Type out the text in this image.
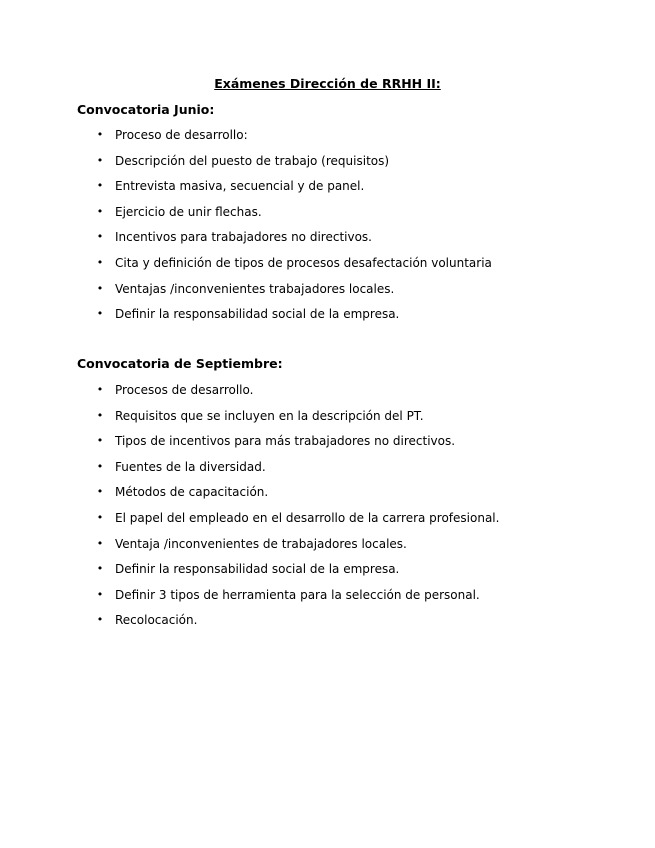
Exámenes Dirección de RRHH II:
Convocatoria Junio:
• Proceso de desarrollo:
• Descripción del puesto de trabajo (requisitos)
• Entrevista masiva, secuencial y de panel.
• Ejercicio de unir flechas.
• Incentivos para trabajadores no directivos.
• Cita y definición de tipos de procesos desafectación voluntaria
• Ventajas /inconvenientes trabajadores locales.
• Definir la responsabilidad social de la empresa.
Convocatoria de Septiembre:
• Procesos de desarrollo.
• Requisitos que se incluyen en la descripción del PT.
• Tipos de incentivos para más trabajadores no directivos.
• Fuentes de la diversidad.
• Métodos de capacitación.
• El papel del empleado en el desarrollo de la carrera profesional.
• Ventaja /inconvenientes de trabajadores locales.
• Definir la responsabilidad social de la empresa.
• Definir 3 tipos de herramienta para la selección de personal.
• Recolocación.
